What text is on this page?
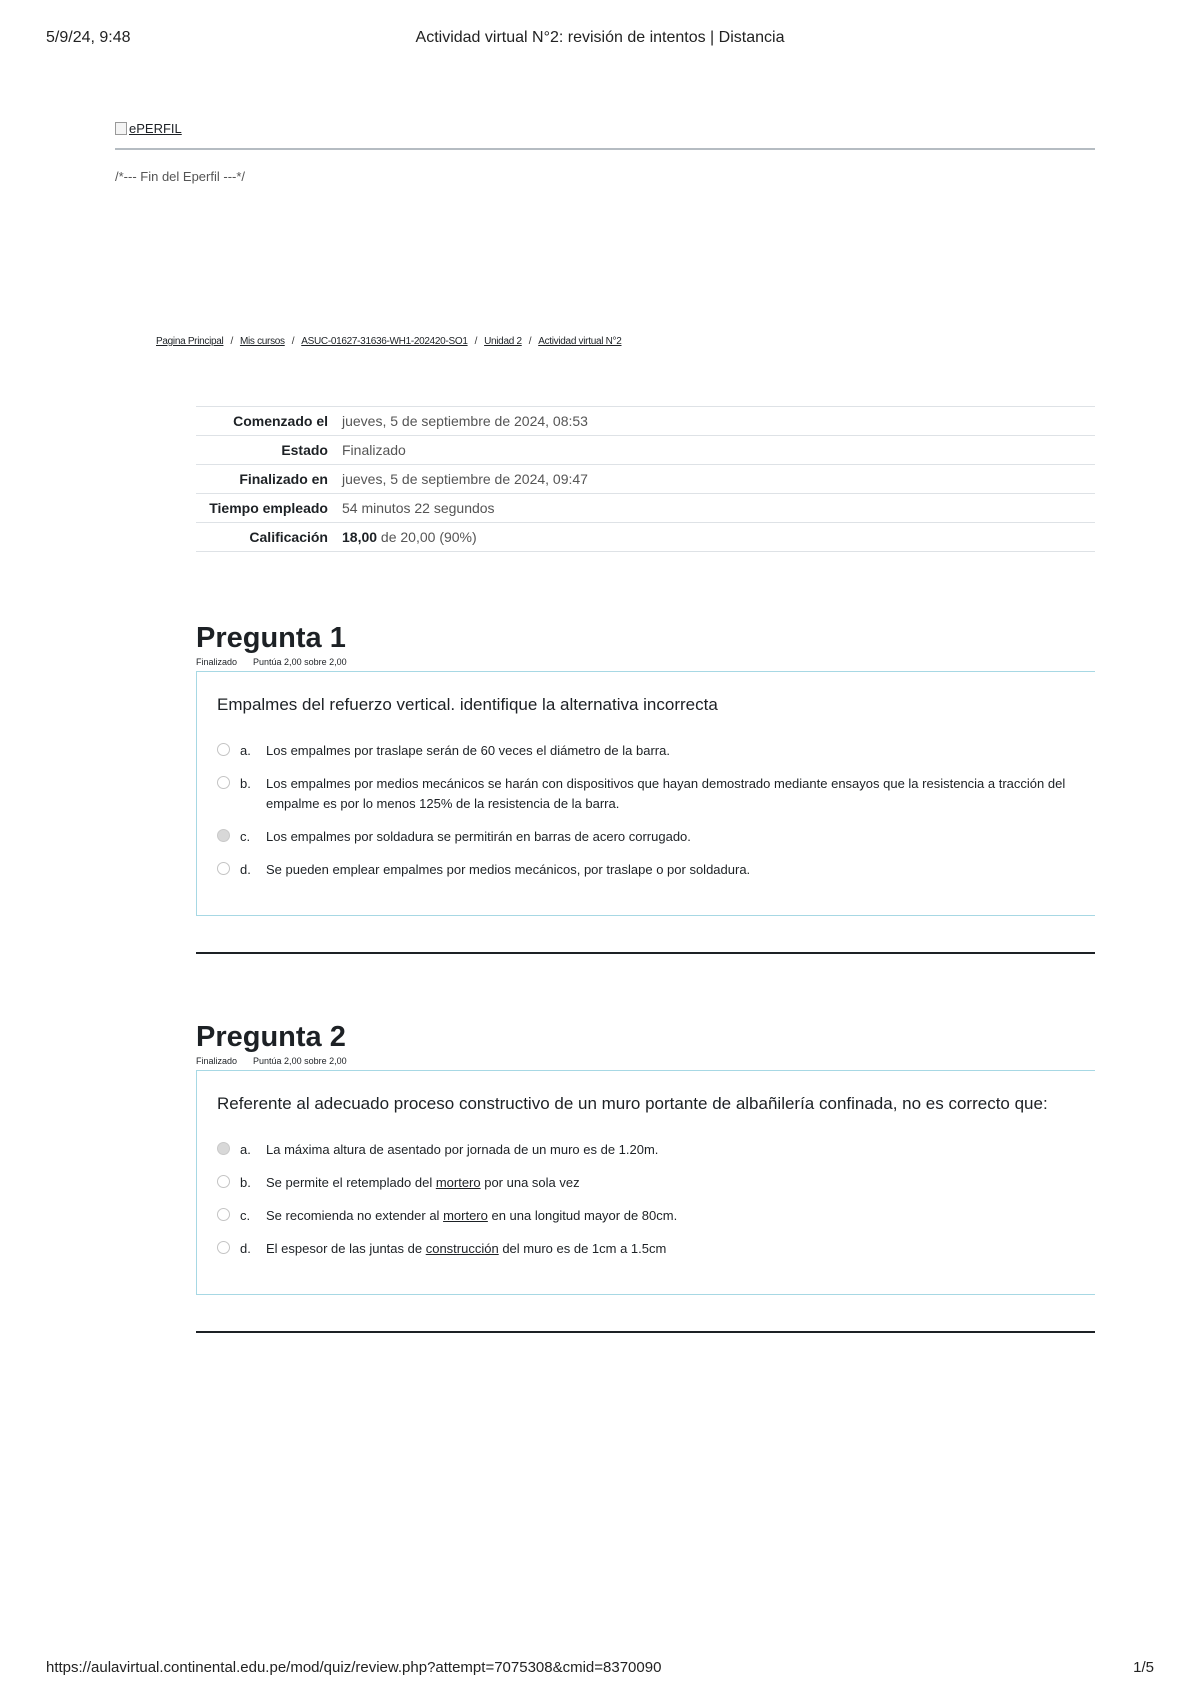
5/9/24, 9:48	Actividad virtual N°2: revisión de intentos | Distancia
ePERFIL
/*--- Fin del Eperfil ---*/
Pagina Principal / Mis cursos / ASUC-01627-31636-WH1-202420-SO1 / Unidad 2 / Actividad virtual N°2
Comenzado el	jueves, 5 de septiembre de 2024, 08:53
Estado	Finalizado
Finalizado en	jueves, 5 de septiembre de 2024, 09:47
Tiempo empleado	54 minutos 22 segundos
Calificación	18,00 de 20,00 (90%)
Pregunta 1
Finalizado Puntúa 2,00 sobre 2,00
Empalmes del refuerzo vertical. identifique la alternativa incorrecta
a.	Los empalmes por traslape serán de 60 veces el diámetro de la barra.
b.	Los empalmes por medios mecánicos se harán con dispositivos que hayan demostrado mediante ensayos que la resistencia a tracción del empalme es por lo menos 125% de la resistencia de la barra.
c.	Los empalmes por soldadura se permitirán en barras de acero corrugado.
d.	Se pueden emplear empalmes por medios mecánicos, por traslape o por soldadura.
Pregunta 2
Finalizado Puntúa 2,00 sobre 2,00
Referente al adecuado proceso constructivo de un muro portante de albañilería confinada, no es correcto que:
a.	La máxima altura de asentado por jornada de un muro es de 1.20m.
b.	Se permite el retemplado del mortero por una sola vez
c.	Se recomienda no extender al mortero en una longitud mayor de 80cm.
d.	El espesor de las juntas de construcción del muro es de 1cm a 1.5cm
https://aulavirtual.continental.edu.pe/mod/quiz/review.php?attempt=7075308&cmid=8370090	1/5
